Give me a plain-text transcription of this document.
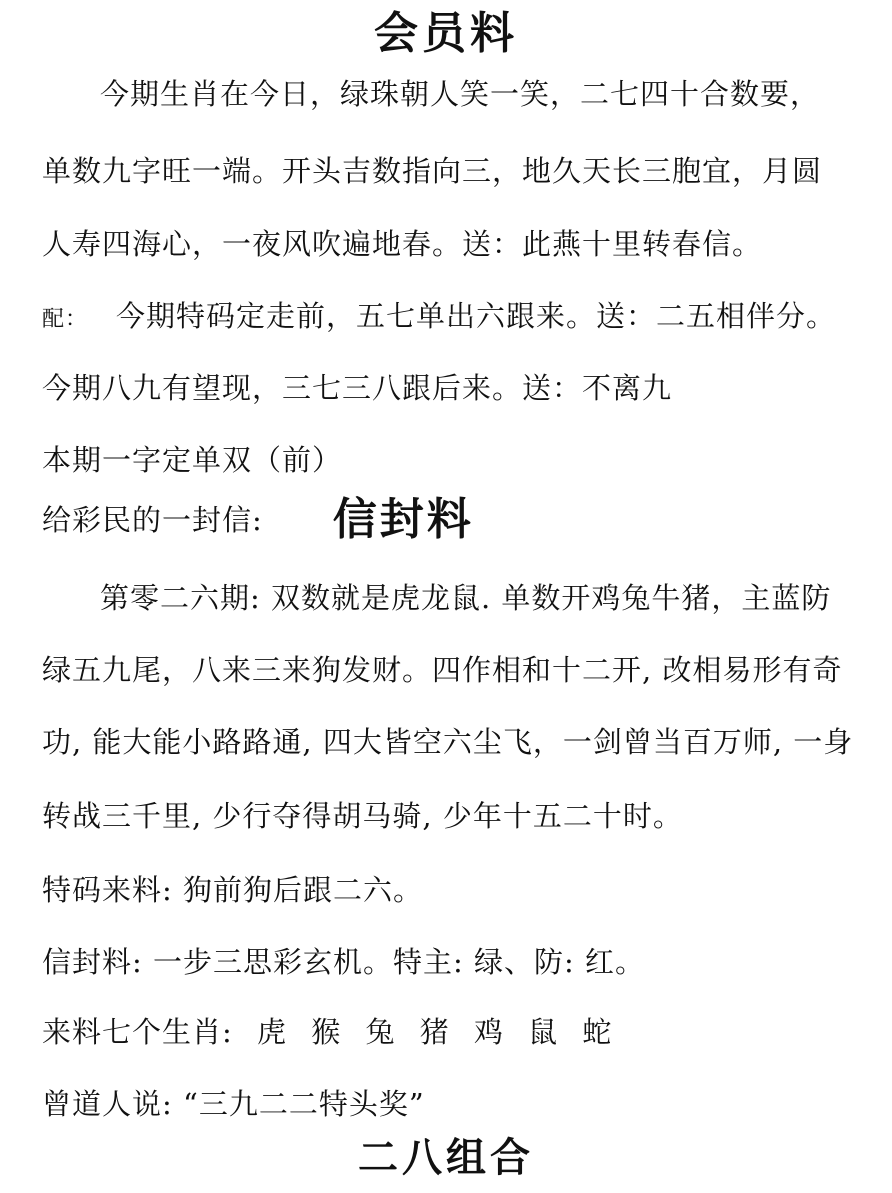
会员料
今期生肖在今日，绿珠朝人笑一笑，二七四十合数要，
单数九字旺一端。开头吉数指向三，地久天长三胞宜，月圆
人寿四海心，一夜风吹遍地春。送：此燕十里转春信。
配： 今期特码定走前，五七单出六跟来。送：二五相伴分。
今期八九有望现，三七三八跟后来。送：不离九
本期一字定单双（前）
给彩民的一封信: 信封料
第零二六期: 双数就是虎龙鼠. 单数开鸡兔牛猪，主蓝防
绿五九尾，八来三来狗发财。四作相和十二开, 改相易形有奇
功, 能大能小路路通, 四大皆空六尘飞，一剑曾当百万师, 一身
转战三千里, 少行夺得胡马骑, 少年十五二十时。
特码来料: 狗前狗后跟二六。
信封料: 一步三思彩玄机。特主: 绿、防: 红。
来料七个生肖: 虎 猴 兔 猪 鸡 鼠 蛇
曾道人说: “三九二二特头奖”
二八组合
